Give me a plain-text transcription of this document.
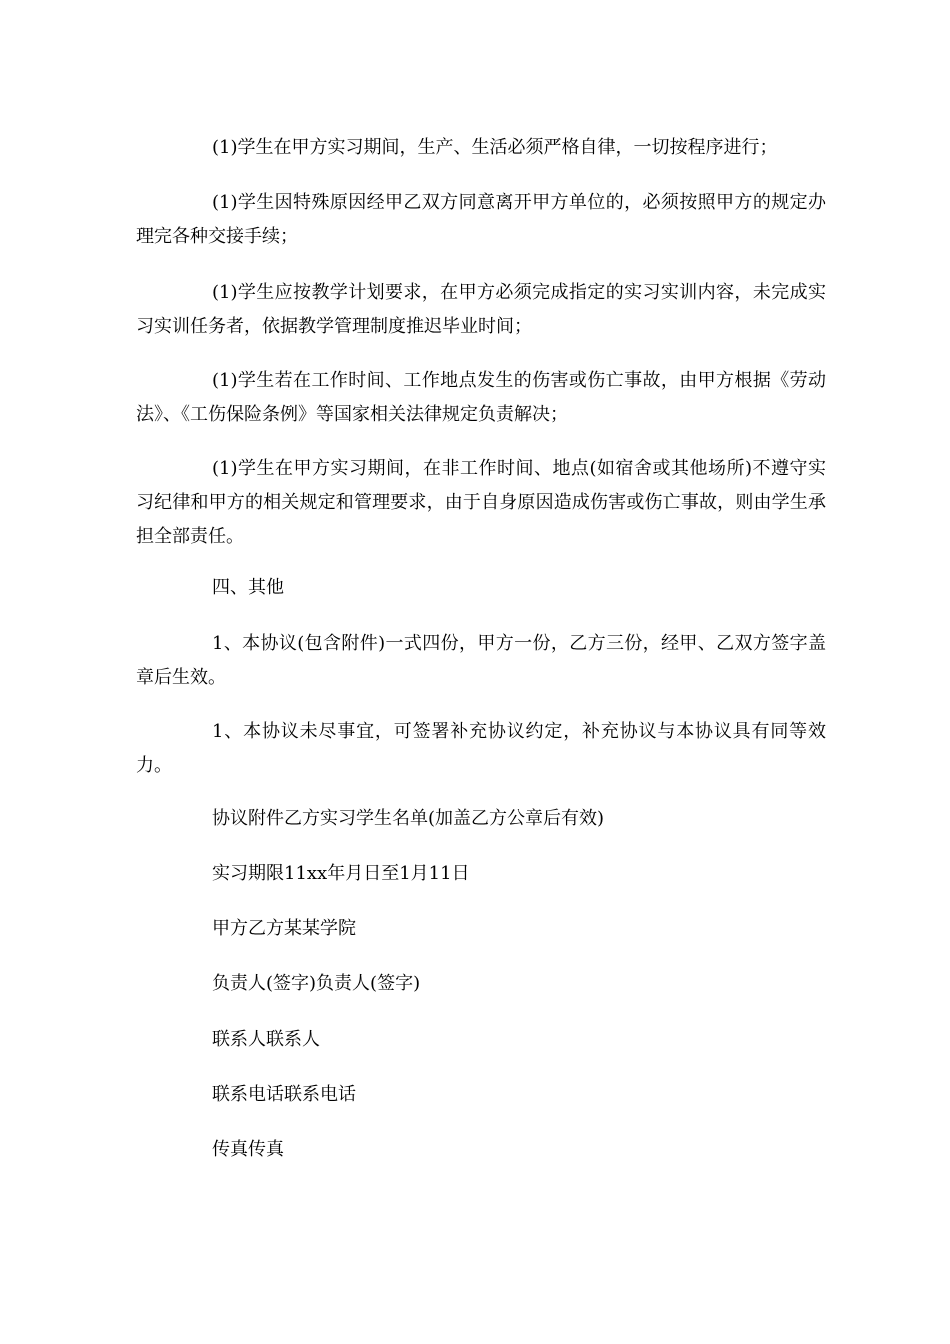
(1)学生在甲方实习期间，生产、生活必须严格自律，一切按程序进行；

(1)学生因特殊原因经甲乙双方同意离开甲方单位的，必须按照甲方的规定办理完各种交接手续；

(1)学生应按教学计划要求，在甲方必须完成指定的实习实训内容，未完成实习实训任务者，依据教学管理制度推迟毕业时间；

(1)学生若在工作时间、工作地点发生的伤害或伤亡事故，由甲方根据《劳动法》、《工伤保险条例》等国家相关法律规定负责解决；

(1)学生在甲方实习期间，在非工作时间、地点(如宿舍或其他场所)不遵守实习纪律和甲方的相关规定和管理要求，由于自身原因造成伤害或伤亡事故，则由学生承担全部责任。

四、其他

1、本协议(包含附件)一式四份，甲方一份，乙方三份，经甲、乙双方签字盖章后生效。

1、本协议未尽事宜，可签署补充协议约定，补充协议与本协议具有同等效力。

协议附件乙方实习学生名单(加盖乙方公章后有效)

实习期限11xx年月日至1月11日

甲方乙方某某学院

负责人(签字)负责人(签字)

联系人联系人

联系电话联系电话

传真传真
